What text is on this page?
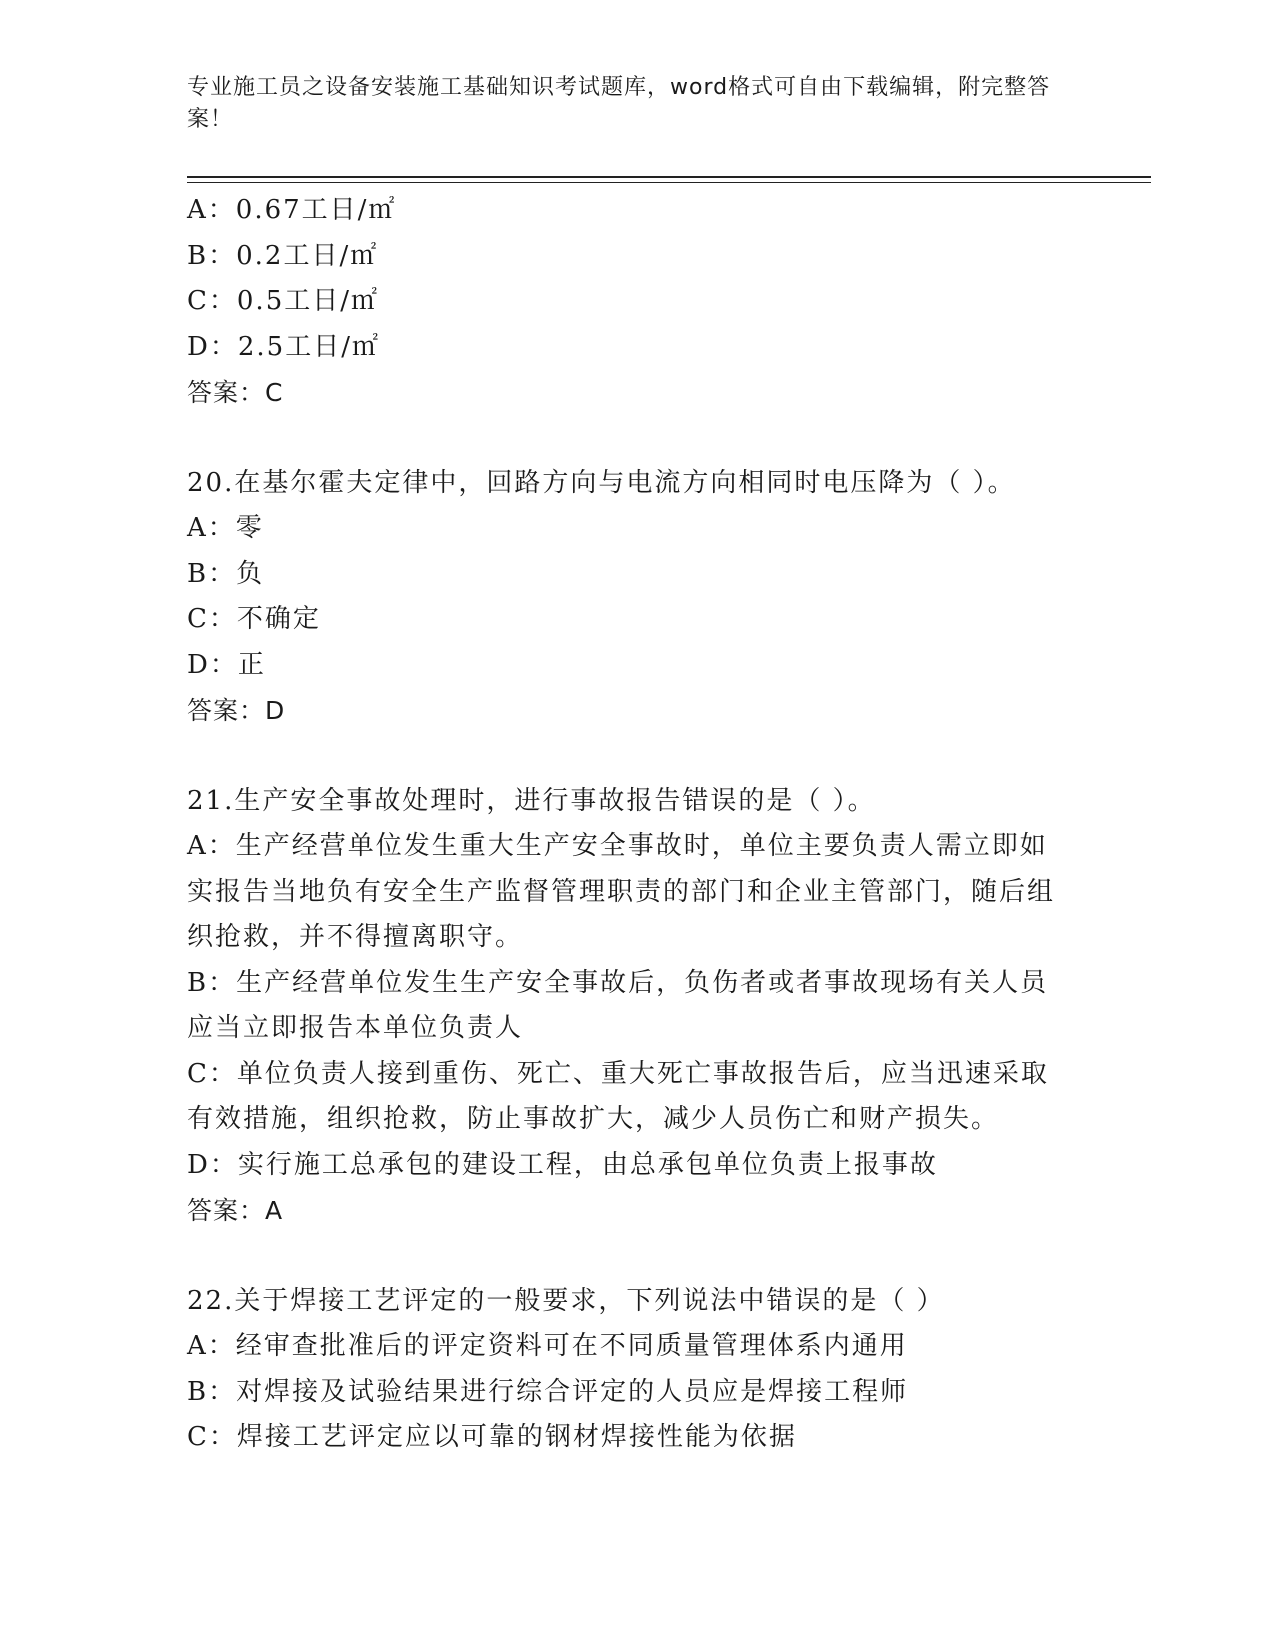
专业施工员之设备安装施工基础知识考试题库，word格式可自由下载编辑，附完整答案！
A：0.67工日/㎡
B：0.2工日/㎡
C：0.5工日/㎡
D：2.5工日/㎡
答案：C
20.在基尔霍夫定律中，回路方向与电流方向相同时电压降为（ ）。
A：零
B：负
C：不确定
D：正
答案：D
21.生产安全事故处理时，进行事故报告错误的是（ ）。
A：生产经营单位发生重大生产安全事故时，单位主要负责人需立即如实报告当地负有安全生产监督管理职责的部门和企业主管部门，随后组织抢救，并不得擅离职守。
B：生产经营单位发生生产安全事故后，负伤者或者事故现场有关人员应当立即报告本单位负责人
C：单位负责人接到重伤、死亡、重大死亡事故报告后，应当迅速采取有效措施，组织抢救，防止事故扩大，减少人员伤亡和财产损失。
D：实行施工总承包的建设工程，由总承包单位负责上报事故
答案：A
22.关于焊接工艺评定的一般要求，下列说法中错误的是（ ）
A：经审查批准后的评定资料可在不同质量管理体系内通用
B：对焊接及试验结果进行综合评定的人员应是焊接工程师
C：焊接工艺评定应以可靠的钢材焊接性能为依据
